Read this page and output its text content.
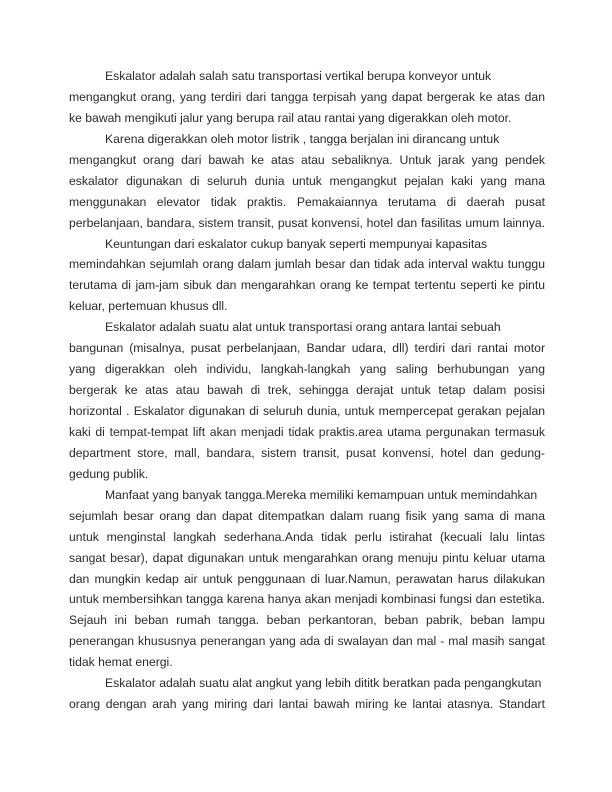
Eskalator adalah salah satu transportasi vertikal berupa konveyor untuk
mengangkut orang, yang terdiri dari tangga terpisah yang dapat bergerak ke atas dan
ke bawah mengikuti jalur yang berupa rail atau rantai yang digerakkan oleh motor.
Karena digerakkan oleh motor listrik , tangga berjalan ini dirancang untuk
mengangkut orang dari bawah ke atas atau sebaliknya. Untuk jarak yang pendek
eskalator digunakan di seluruh dunia untuk mengangkut pejalan kaki yang mana
menggunakan elevator tidak praktis. Pemakaiannya terutama di daerah pusat
perbelanjaan, bandara, sistem transit, pusat konvensi, hotel dan fasilitas umum lainnya.
Keuntungan dari eskalator cukup banyak seperti mempunyai kapasitas
memindahkan sejumlah orang dalam jumlah besar dan tidak ada interval waktu tunggu
terutama di jam-jam sibuk dan mengarahkan orang ke tempat tertentu seperti ke pintu
keluar, pertemuan khusus dll.
Eskalator adalah suatu alat untuk transportasi orang antara lantai sebuah
bangunan (misalnya, pusat perbelanjaan, Bandar udara, dll) terdiri dari rantai motor
yang digerakkan oleh individu, langkah-langkah yang saling berhubungan yang
bergerak ke atas atau bawah di trek, sehingga derajat untuk tetap dalam posisi
horizontal . Eskalator digunakan di seluruh dunia, untuk mempercepat gerakan pejalan
kaki di tempat-tempat lift akan menjadi tidak praktis.area utama pergunakan termasuk
department store, mall, bandara, sistem transit, pusat konvensi, hotel dan gedung-
gedung publik.
Manfaat yang banyak tangga.Mereka memiliki kemampuan untuk memindahkan
sejumlah besar orang dan dapat ditempatkan dalam ruang fisik yang sama di mana
untuk menginstal langkah sederhana.Anda tidak perlu istirahat (kecuali lalu lintas
sangat besar), dapat digunakan untuk mengarahkan orang menuju pintu keluar utama
dan mungkin kedap air untuk penggunaan di luar.Namun, perawatan harus dilakukan
untuk membersihkan tangga karena hanya akan menjadi kombinasi fungsi dan estetika.
Sejauh ini beban rumah tangga. beban perkantoran, beban pabrik, beban lampu
penerangan khususnya penerangan yang ada di swalayan dan mal - mal masih sangat
tidak hemat energi.
Eskalator adalah suatu alat angkut yang lebih dititk beratkan pada pengangkutan
orang dengan arah yang miring dari lantai bawah miring ke lantai atasnya. Standart
